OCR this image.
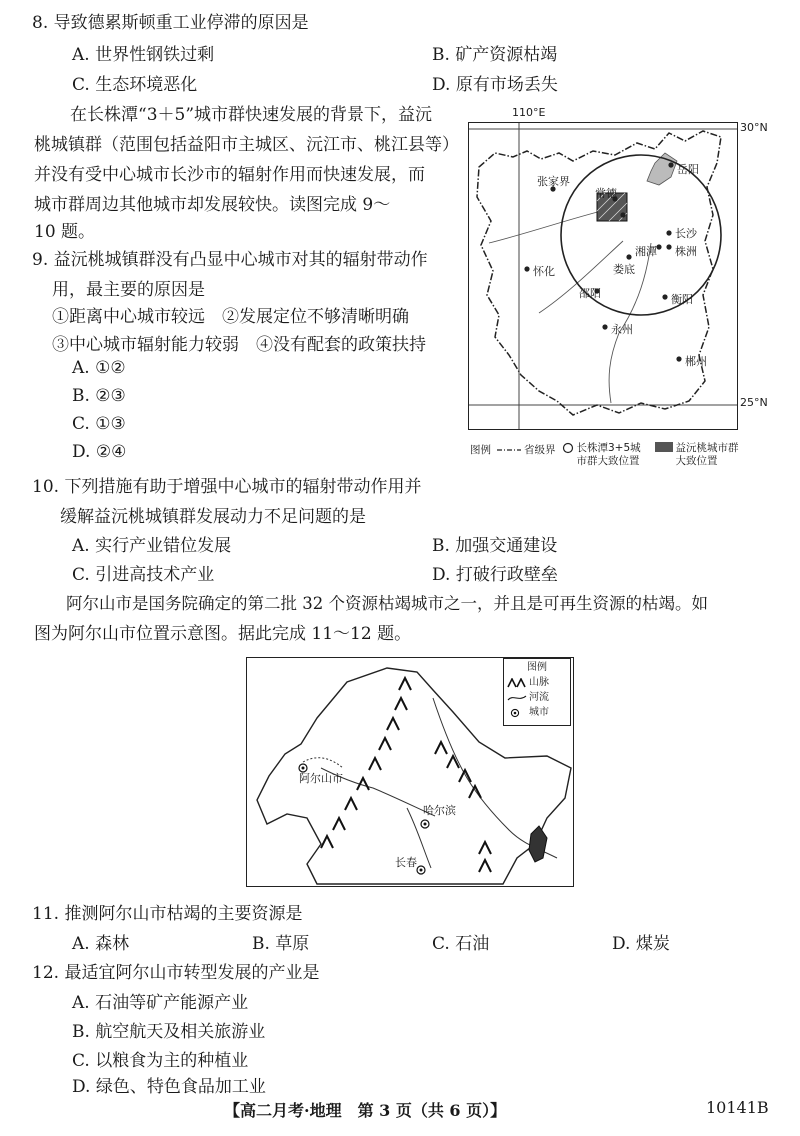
8. 导致德累斯顿重工业停滞的原因是
A. 世界性钢铁过剩	B. 矿产资源枯竭
C. 生态环境恶化	D. 原有市场丢失
在长株潭“3＋5”城市群快速发展的背景下，益沅
桃城镇群（范围包括益阳市主城区、沅江市、桃江县等）
并没有受中心城市长沙市的辐射作用而快速发展，而
城市群周边其他城市却发展较快。读图完成 9～
10 题。
9. 益沅桃城镇群没有凸显中心城市对其的辐射带动作
用，最主要的原因是
①距离中心城市较远　②发展定位不够清晰明确
③中心城市辐射能力较弱　④没有配套的政策扶持
A. ①②
B. ②③
C. ①③
D. ②④
110°E
30°N
25°N
岳阳
常德
益阳
张家界
长沙
湘潭 株洲
娄底
怀化
邵阳	衡阳
永州
郴州
图例	省级界 长株潭3+5城市群大致位置
益沅桃城市群大致位置
10. 下列措施有助于增强中心城市的辐射带动作用并
缓解益沅桃城镇群发展动力不足问题的是
A. 实行产业错位发展	B. 加强交通建设
C. 引进高技术产业	D. 打破行政壁垒
阿尔山市是国务院确定的第二批 32 个资源枯竭城市之一，并且是可再生资源的枯竭。如
图为阿尔山市位置示意图。据此完成 11～12 题。
图例
山脉
河流
城市
阿尔山市
哈尔滨
长春
11. 推测阿尔山市枯竭的主要资源是
A. 森林	B. 草原	C. 石油	D. 煤炭
12. 最适宜阿尔山市转型发展的产业是
A. 石油等矿产能源产业
B. 航空航天及相关旅游业
C. 以粮食为主的种植业
D. 绿色、特色食品加工业
【高二月考·地理　第 3 页（共 6 页）】	10141B
